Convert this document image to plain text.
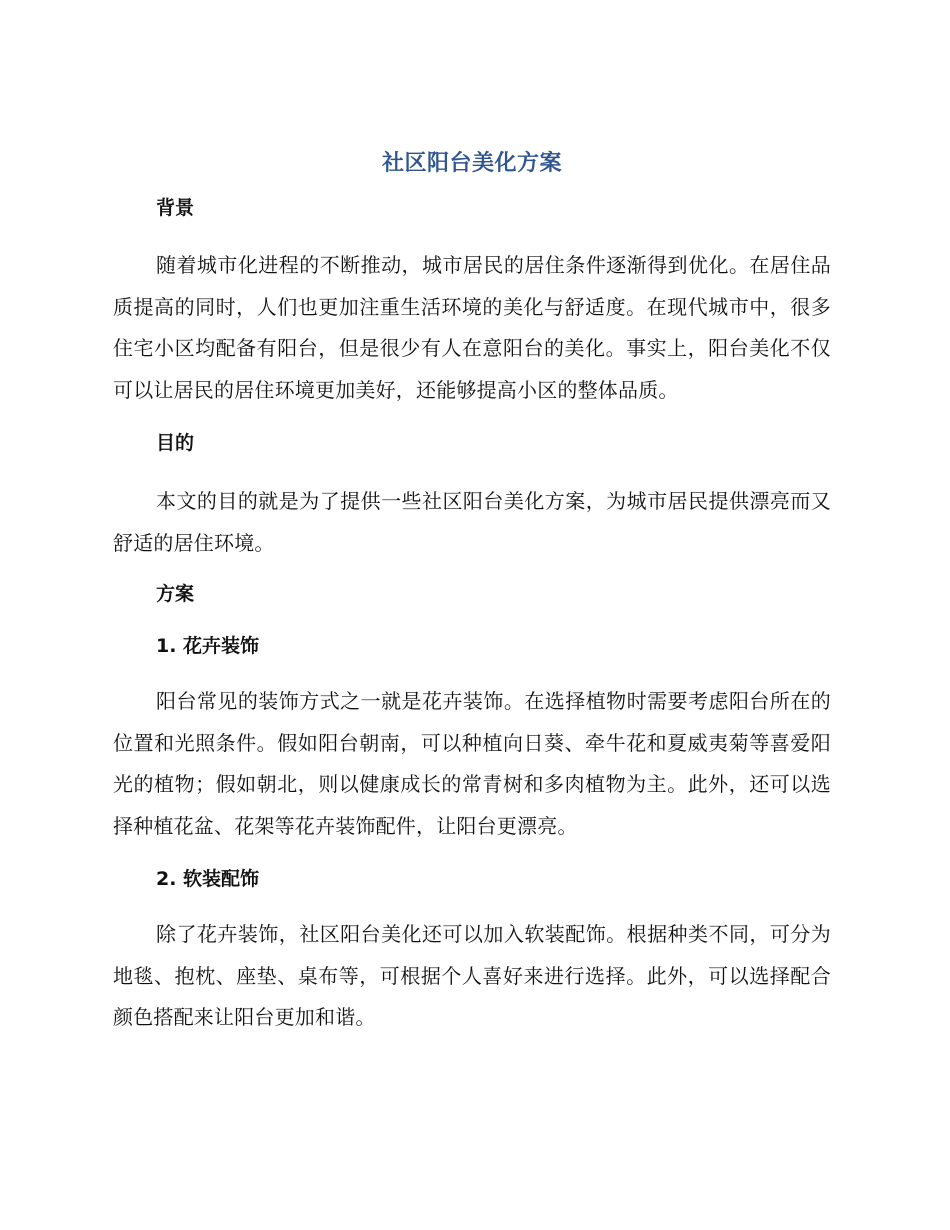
社区阳台美化方案
背景

随着城市化进程的不断推动，城市居民的居住条件逐渐得到优化。在居住品质提高的同时，人们也更加注重生活环境的美化与舒适度。在现代城市中，很多住宅小区均配备有阳台，但是很少有人在意阳台的美化。事实上，阳台美化不仅可以让居民的居住环境更加美好，还能够提高小区的整体品质。

目的

本文的目的就是为了提供一些社区阳台美化方案，为城市居民提供漂亮而又舒适的居住环境。

方案
1. 花卉装饰

阳台常见的装饰方式之一就是花卉装饰。在选择植物时需要考虑阳台所在的位置和光照条件。假如阳台朝南，可以种植向日葵、牵牛花和夏威夷菊等喜爱阳光的植物；假如朝北，则以健康成长的常青树和多肉植物为主。此外，还可以选择种植花盆、花架等花卉装饰配件，让阳台更漂亮。

2. 软装配饰

除了花卉装饰，社区阳台美化还可以加入软装配饰。根据种类不同，可分为地毯、抱枕、座垫、桌布等，可根据个人喜好来进行选择。此外，可以选择配合颜色搭配来让阳台更加和谐。
